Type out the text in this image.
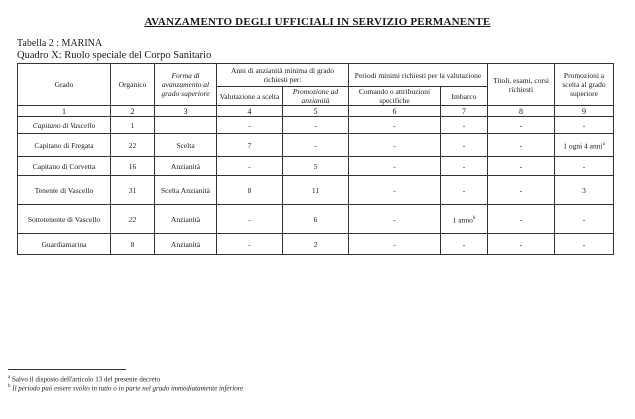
AVANZAMENTO DEGLI UFFICIALI IN SERVIZIO PERMANENTE
Tabella 2 : MARINA
Quadro X: Ruolo speciale del Corpo Sanitario
Grado	Organico	Forma di avanzamento al grado superiore	Anni di anzianità minima di grado richiesti per:		Periodi minimi richiesti per la valutazione		Titoli, esami, corsi richiesti	Promozioni a scelta al grado superiore
			Valutazione a scelta	Promozione ad anzianità	Comando o attribuzioni specifiche	Imbarco		
1	2	3	4	5	6	7	8	9
Capitano di Vascello	1		-	-	-	-	-	-
Capitano di Fregata	22	Scelta	7	-	-	-	-	1 ogni 4 anni$^a$
Capitano di Corvetta	16	Anzianità	-	5	-	-	-	-
Tenente di Vascello	31	Scelta Anzianità	8	11	-	-	-	3
Sottotenente di Vascello	22	Anzianità	-	6	-	1 anno$^b$	-	-
Guardiamarina	8	Anzianità	-	2	-	-	-	-
$^a$ Salvo il disposto dell'articolo 13 del presente decreto
$^b$ Il periodo può essere svolto in tutto o in parte nel grado immediatamente inferiore
